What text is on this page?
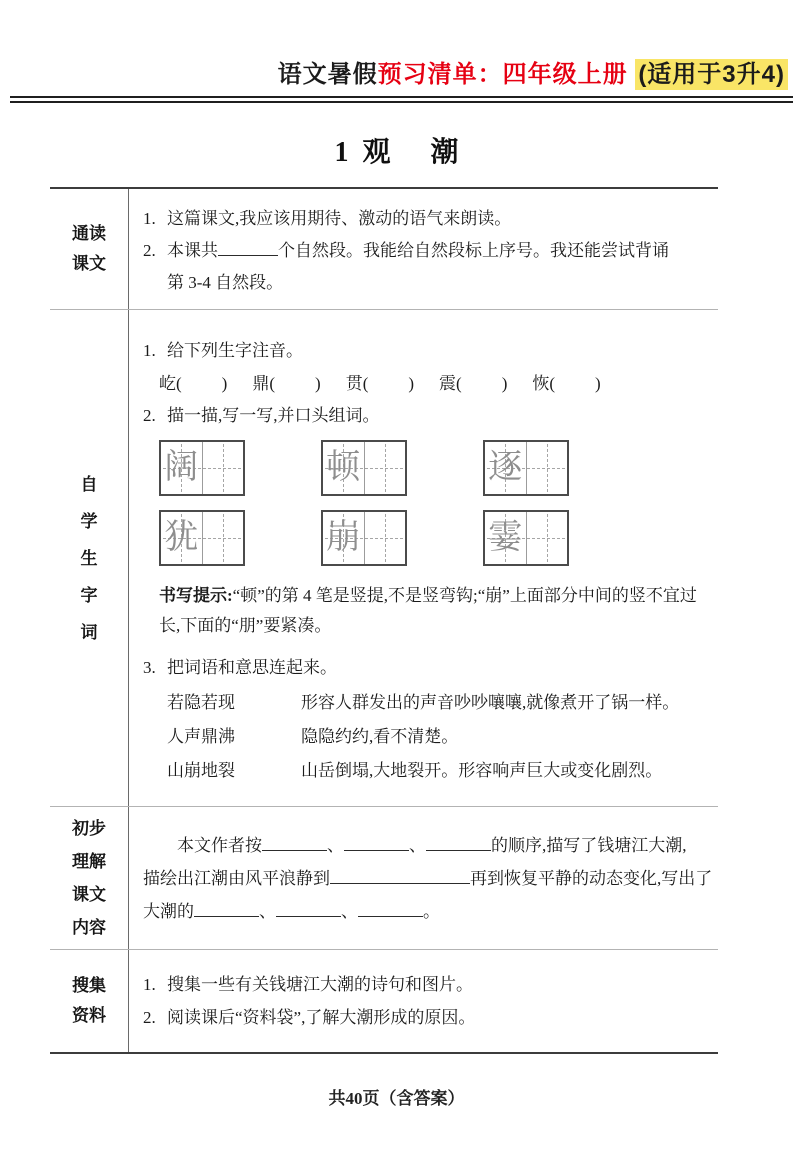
语文暑假预习清单：四年级上册 (适用于3升4)
1 观 潮
通读
课文
1. 这篇课文,我应该用期待、激动的语气来朗读。
2. 本课共	个自然段。我能给自然段标上序号。我还能尝试背诵
第 3-4 自然段。
自
学
生
字
词
1. 给下列生字注音。
屹 ( ) 鼎 ( ) 贯 ( ) 震 ( ) 恢 ( )
2. 描一描,写一写,并口头组词。
阔	顿	逐
犹	崩	霎
书写提示:“顿”的第 4 笔是竖提,不是竖弯钩;“崩”上面部分中间的竖不宜过长,下面的“朋”要紧凑。
3. 把词语和意思连起来。
若隐若现	形容人群发出的声音吵吵嚷嚷,就像煮开了锅一样。
人声鼎沸	隐隐约约,看不清楚。
山崩地裂	山岳倒塌,大地裂开。形容响声巨大或变化剧烈。
初步
理解
课文
内容
本文作者按	、	、	的顺序,描写了钱塘江大潮,
描绘出江潮由风平浪静到	再到恢复平静的动态变化,写出了
大潮的	、	、	。
搜集
资料
1. 搜集一些有关钱塘江大潮的诗句和图片。
2. 阅读课后“资料袋”,了解大潮形成的原因。
共40页（含答案）
